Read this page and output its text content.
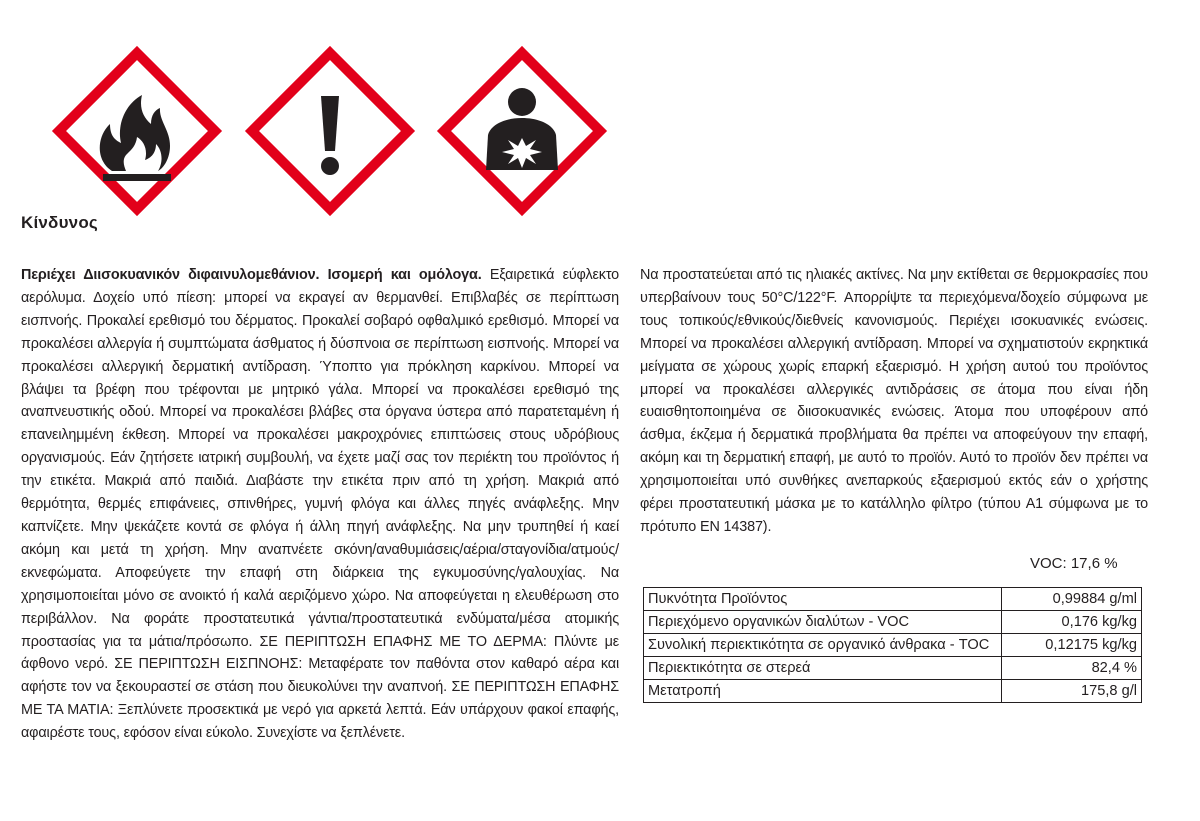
Κίνδυνος
Περιέχει Διισοκυανικόν διφαινυλομεθάνιον. Ισομερή και ομόλογα. Εξαιρετικά εύφλεκτο αερόλυμα. Δοχείο υπό πίεση: μπορεί να εκραγεί αν θερμανθεί. Επιβλαβές σε περίπτωση εισπνοής. Προκαλεί ερεθισμό του δέρματος. Προκαλεί σοβαρό οφθαλμικό ερεθισμό. Μπορεί να προκαλέσει αλλεργία ή συμπτώματα άσθματος ή δύσπνοια σε περίπτωση εισπνοής. Μπορεί να προκαλέσει αλλεργική δερματική αντίδραση. Ύποπτο για πρόκληση καρκίνου. Μπορεί να βλάψει τα βρέφη που τρέφονται με μητρικό γάλα. Μπορεί να προκαλέσει ερεθισμό της αναπνευστικής οδού. Μπορεί να προκαλέσει βλάβες στα όργανα ύστερα από παρατεταμένη ή επανειλημμένη έκθεση. Μπορεί να προκαλέσει μακροχρόνιες επιπτώσεις στους υδρόβιους οργανισμούς. Εάν ζητήσετε ιατρική συμβουλή, να έχετε μαζί σας τον περιέκτη του προϊόντος ή την ετικέτα. Μακριά από παιδιά. Διαβάστε την ετικέτα πριν από τη χρήση. Μακριά από θερμότητα, θερμές επιφάνειες, σπινθήρες, γυμνή φλόγα και άλλες πηγές ανάφλεξης. Μην καπνίζετε. Μην ψεκάζετε κοντά σε φλόγα ή άλλη πηγή ανάφλεξης. Να μην τρυπηθεί ή καεί ακόμη και μετά τη χρήση. Μην αναπνέετε σκόνη/αναθυμιάσεις/αέρια/σταγονίδια/ατμούς/εκνεφώματα. Αποφεύγετε την επαφή στη διάρκεια της εγκυμοσύνης/γαλουχίας. Να χρησιμοποιείται μόνο σε ανοικτό ή καλά αεριζόμενο χώρο. Να αποφεύγεται η ελευθέρωση στο περιβάλλον. Να φοράτε προστατευτικά γάντια/προστατευτικά ενδύματα/μέσα ατομικής προστασίας για τα μάτια/πρόσωπο. ΣΕ ΠΕΡΙΠΤΩΣΗ ΕΠΑΦΗΣ ΜΕ ΤΟ ΔΕΡΜΑ: Πλύντε με άφθονο νερό. ΣΕ ΠΕΡΙΠΤΩΣΗ ΕΙΣΠΝΟΗΣ: Μεταφέρατε τον παθόντα στον καθαρό αέρα και αφήστε τον να ξεκουραστεί σε στάση που διευκολύνει την αναπνοή. ΣΕ ΠΕΡΙΠΤΩΣΗ ΕΠΑΦΗΣ ΜΕ ΤΑ ΜΑΤΙΑ: Ξεπλύνετε προσεκτικά με νερό για αρκετά λεπτά. Εάν υπάρχουν φακοί επαφής, αφαιρέστε τους, εφόσον είναι εύκολο. Συνεχίστε να ξεπλένετε.
Να προστατεύεται από τις ηλιακές ακτίνες. Να μην εκτίθεται σε θερμοκρασίες που υπερβαίνουν τους 50°C/122°F. Απορρίψτε τα περιεχόμενα/δοχείο σύμφωνα με τους τοπικούς/εθνικούς/διεθνείς κανονισμούς. Περιέχει ισοκυανικές ενώσεις. Μπορεί να προκαλέσει αλλεργική αντίδραση. Μπορεί να σχηματιστούν εκρηκτικά μείγματα σε χώρους χωρίς επαρκή εξαερισμό. Η χρήση αυτού του προϊόντος μπορεί να προκαλέσει αλλεργικές αντιδράσεις σε άτομα που είναι ήδη ευαισθητοποιημένα σε διισοκυανικές ενώσεις. Άτομα που υποφέρουν από άσθμα, έκζεμα ή δερματικά προβλήματα θα πρέπει να αποφεύγουν την επαφή, ακόμη και τη δερματική επαφή, με αυτό το προϊόν. Αυτό το προϊόν δεν πρέπει να χρησιμοποιείται υπό συνθήκες ανεπαρκούς εξαερισμού εκτός εάν ο χρήστης φέρει προστατευτική μάσκα με το κατάλληλο φίλτρο (τύπου Α1 σύμφωνα με το πρότυπο EN 14387).
VOC: 17,6 %
Πυκνότητα Προϊόντος	0,99884 g/ml
Περιεχόμενο οργανικών διαλύτων - VOC	0,176 kg/kg
Συνολική περιεκτικότητα σε οργανικό άνθρακα - TOC	0,12175 kg/kg
Περιεκτικότητα σε στερεά	82,4 %
Μετατροπή	175,8 g/l
